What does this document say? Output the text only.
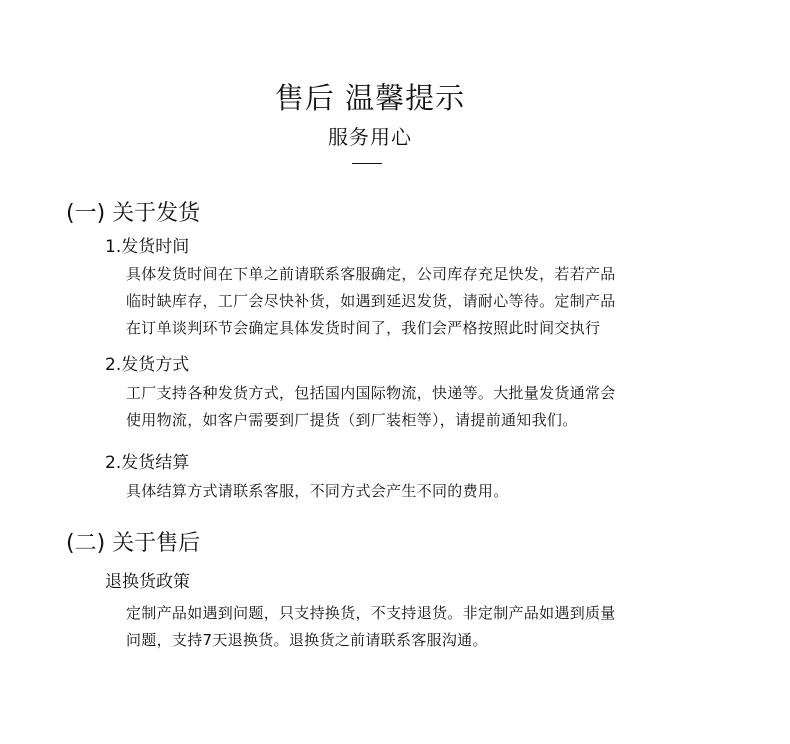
售后 温馨提示
服务用心
(一) 关于发货
1.发货时间
具体发货时间在下单之前请联系客服确定，公司库存充足快发，若若产品
临时缺库存，工厂会尽快补货，如遇到延迟发货，请耐心等待。定制产品
在订单谈判环节会确定具体发货时间了，我们会严格按照此时间交执行
2.发货方式
工厂支持各种发货方式，包括国内国际物流，快递等。大批量发货通常会
使用物流，如客户需要到厂提货（到厂装柜等），请提前通知我们。
2.发货结算
具体结算方式请联系客服，不同方式会产生不同的费用。
(二) 关于售后
退换货政策
定制产品如遇到问题，只支持换货，不支持退货。非定制产品如遇到质量
问题，支持7天退换货。退换货之前请联系客服沟通。
